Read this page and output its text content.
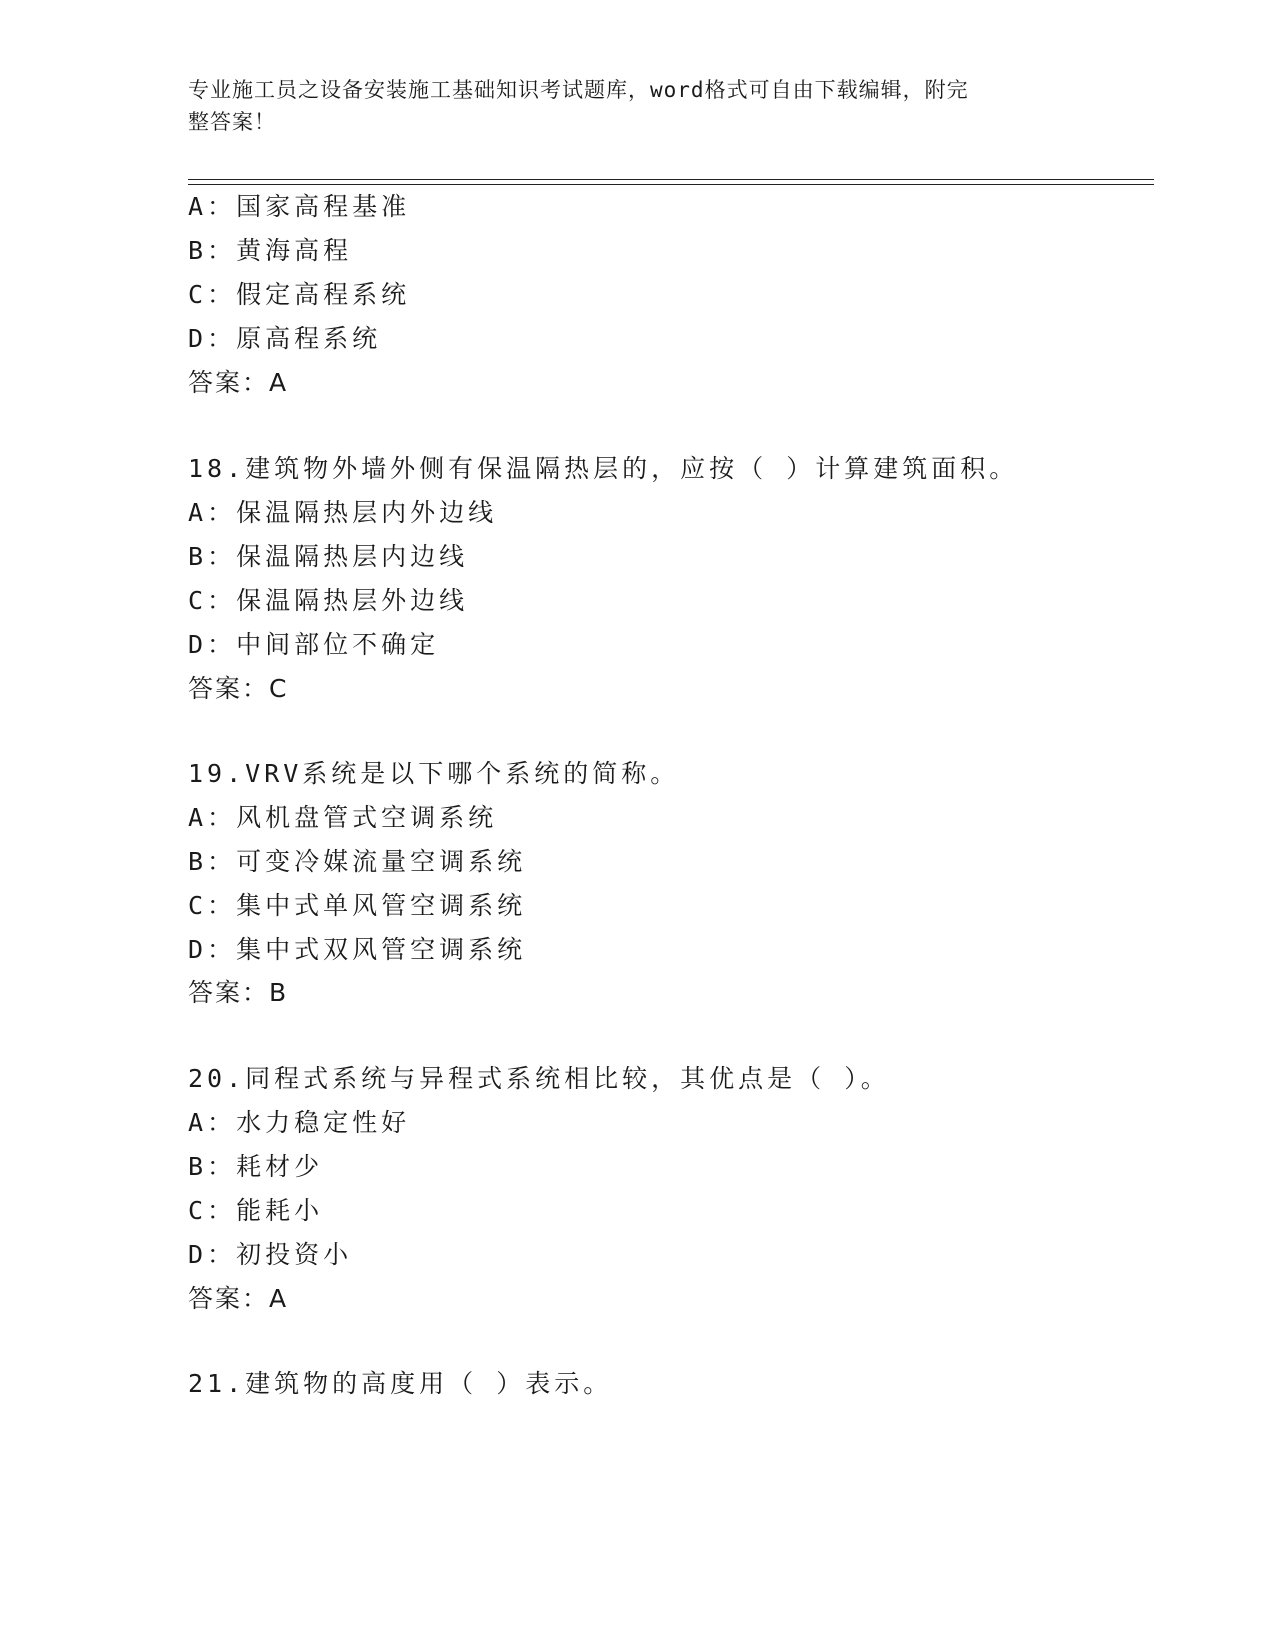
专业施工员之设备安装施工基础知识考试题库，word格式可自由下载编辑，附完
整答案！
A：国家高程基准
B：黄海高程
C：假定高程系统
D：原高程系统
答案：A
18.建筑物外墙外侧有保温隔热层的，应按（ ）计算建筑面积。
A：保温隔热层内外边线
B：保温隔热层内边线
C：保温隔热层外边线
D：中间部位不确定
答案：C
19.VRV系统是以下哪个系统的简称。
A：风机盘管式空调系统
B：可变冷媒流量空调系统
C：集中式单风管空调系统
D：集中式双风管空调系统
答案：B
20.同程式系统与异程式系统相比较，其优点是（ ）。
A：水力稳定性好
B：耗材少
C：能耗小
D：初投资小
答案：A
21.建筑物的高度用（ ）表示。
